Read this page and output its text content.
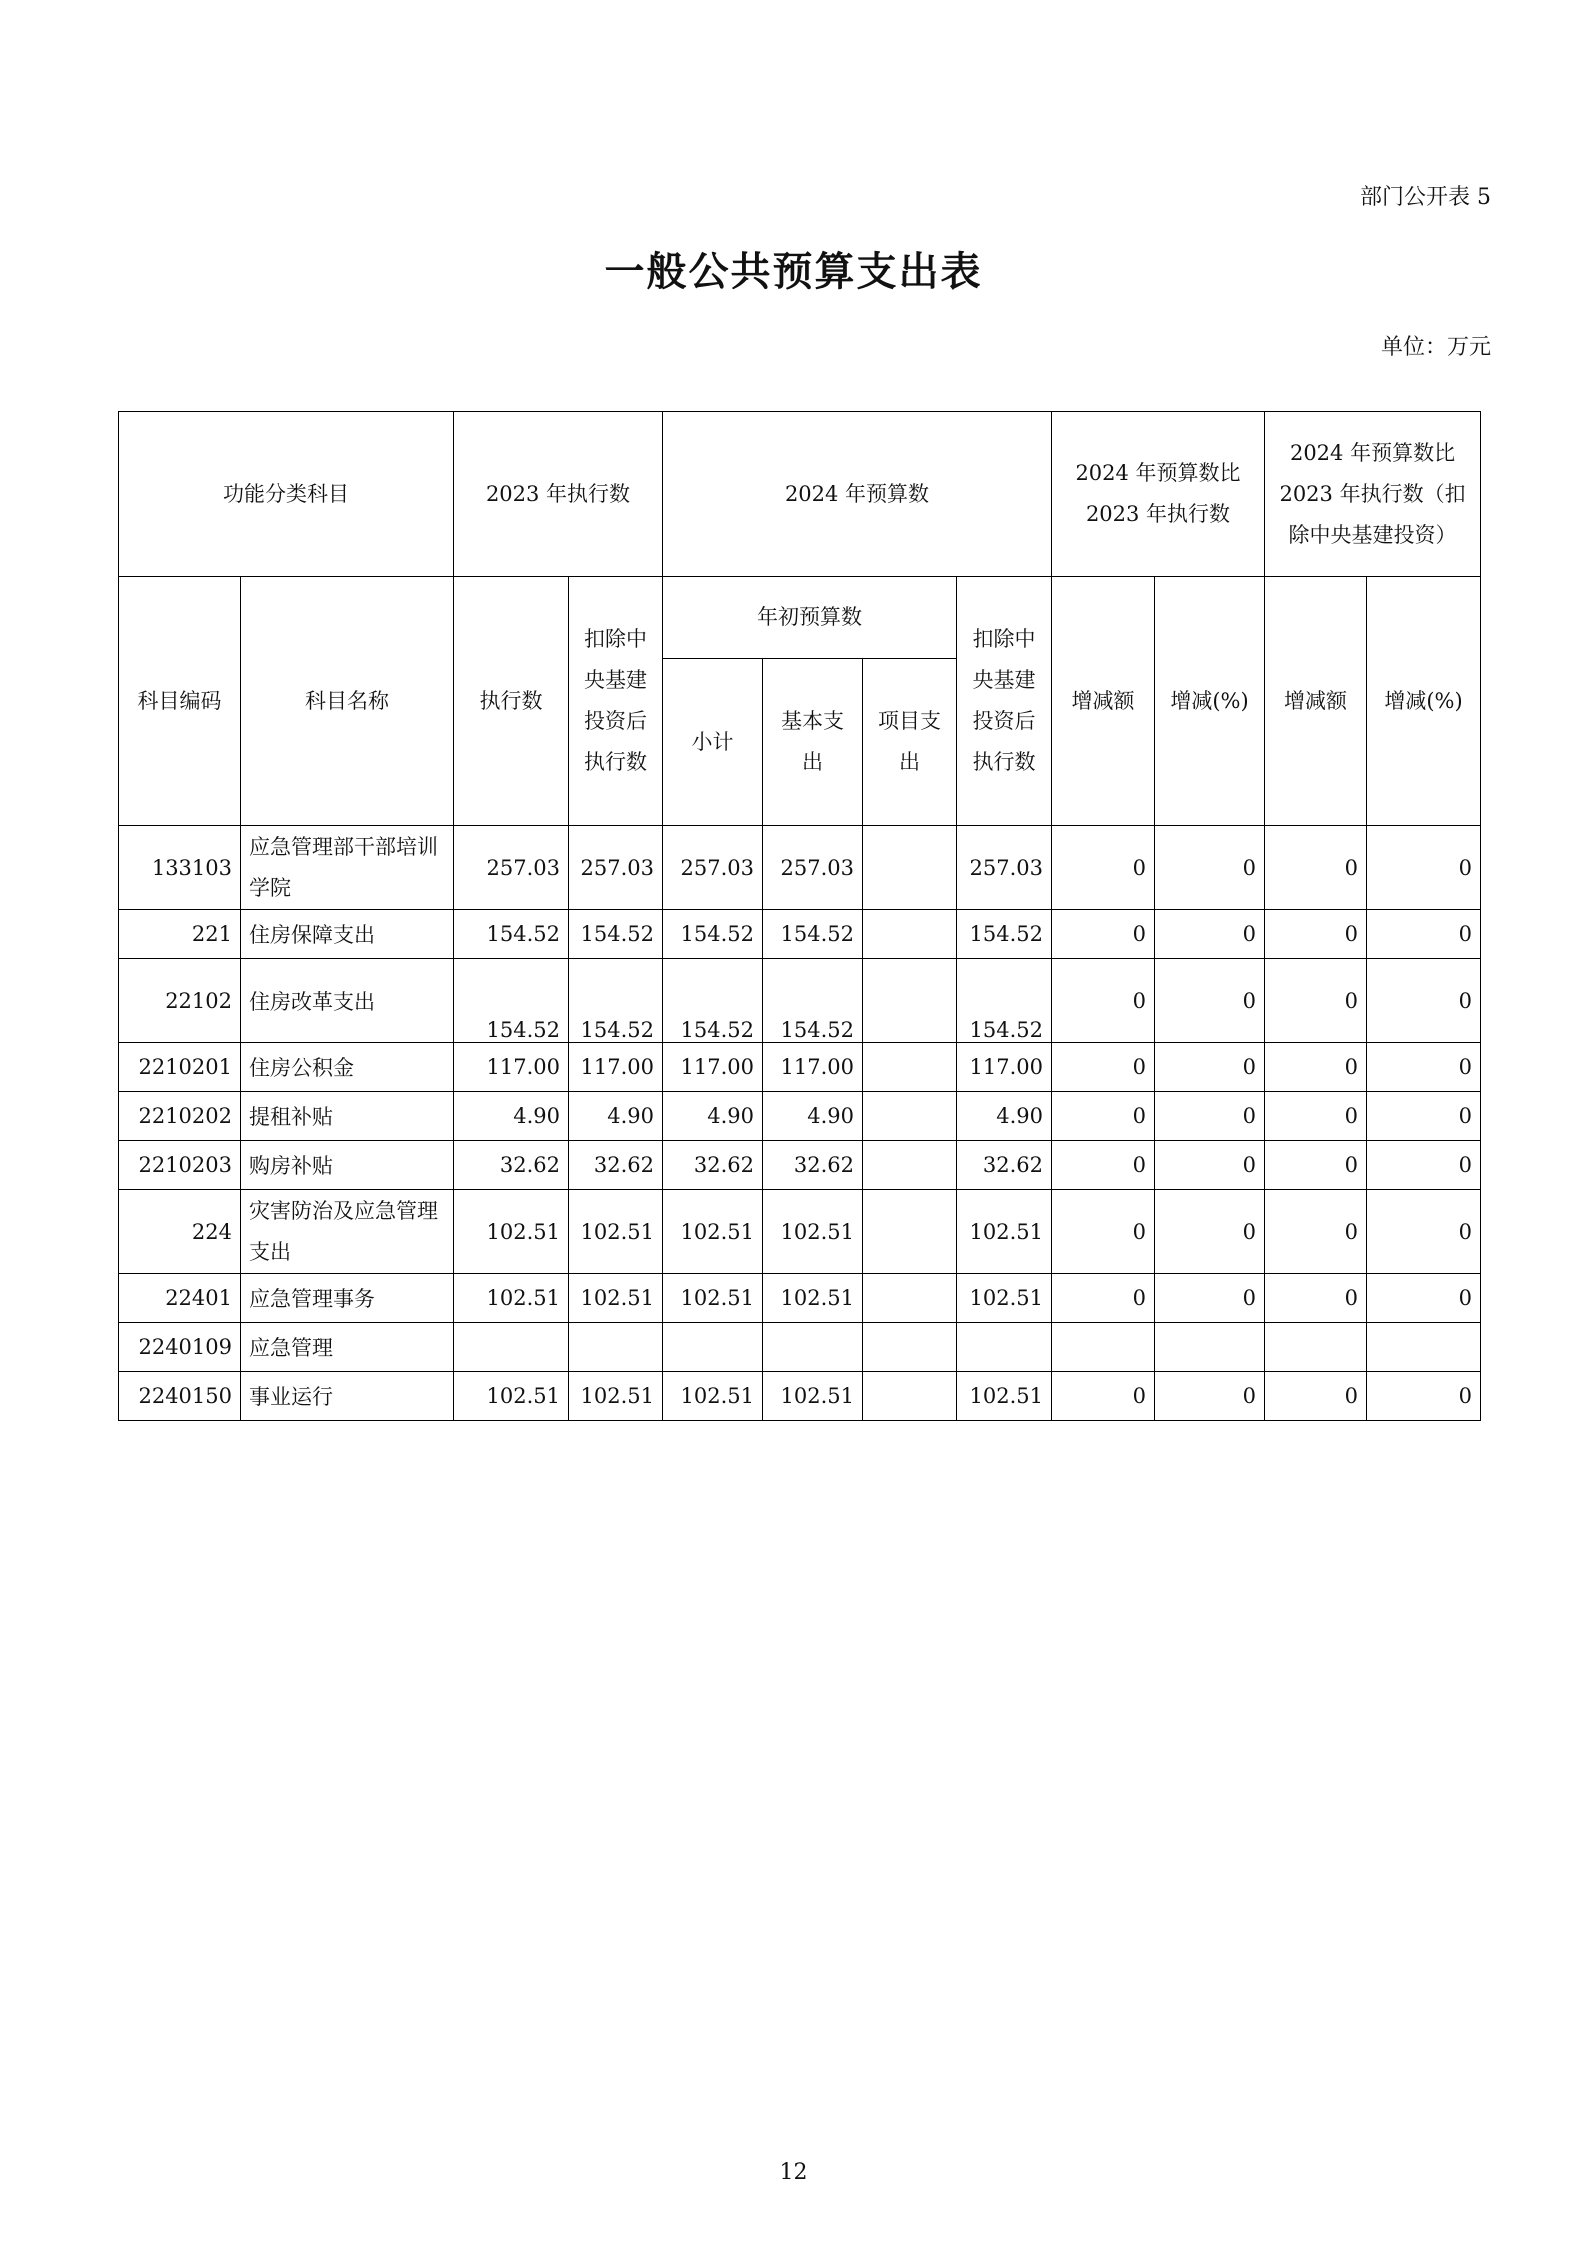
部门公开表 5
一般公共预算支出表
单位：万元
功能分类科目		2023 年执行数		2024 年预算数				2024 年预算数比 2023 年执行数		2024 年预算数比 2023 年执行数（扣除中央基建投资）	
科目编码	科目名称	执行数	扣除中央基建投资后执行数	年初预算数			扣除中央基建投资后执行数	增减额	增减(%)	增减额	增减(%)
				小计	基本支出	项目支出					
133103	应急管理部干部培训学院	257.03	257.03	257.03	257.03		257.03	0	0	0	0
221	住房保障支出	154.52	154.52	154.52	154.52		154.52	0	0	0	0
22102	住房改革支出	154.52	154.52	154.52	154.52		154.52	0	0	0	0
2210201	住房公积金	117.00	117.00	117.00	117.00		117.00	0	0	0	0
2210202	提租补贴	4.90	4.90	4.90	4.90		4.90	0	0	0	0
2210203	购房补贴	32.62	32.62	32.62	32.62		32.62	0	0	0	0
224	灾害防治及应急管理支出	102.51	102.51	102.51	102.51		102.51	0	0	0	0
22401	应急管理事务	102.51	102.51	102.51	102.51		102.51	0	0	0	0
2240109	应急管理										
2240150	事业运行	102.51	102.51	102.51	102.51		102.51	0	0	0	0
12
